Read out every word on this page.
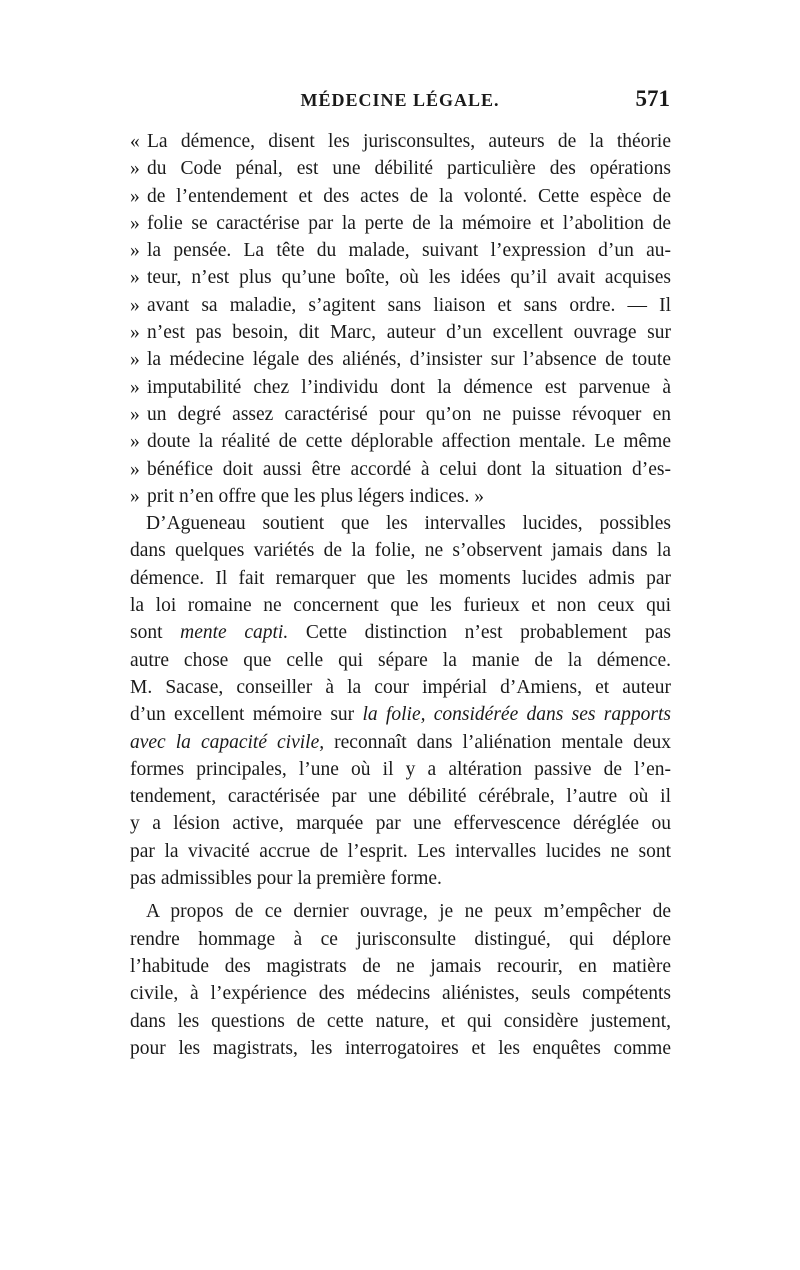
MÉDECINE LÉGALE.	571
« La démence, disent les jurisconsultes, auteurs de la théorie
» du Code pénal, est une débilité particulière des opérations
» de l’entendement et des actes de la volonté. Cette espèce de
» folie se caractérise par la perte de la mémoire et l’abolition de
» la pensée. La tête du malade, suivant l’expression d’un au-
» teur, n’est plus qu’une boîte, où les idées qu’il avait acquises
» avant sa maladie, s’agitent sans liaison et sans ordre. — Il
» n’est pas besoin, dit Marc, auteur d’un excellent ouvrage sur
» la médecine légale des aliénés, d’insister sur l’absence de toute
» imputabilité chez l’individu dont la démence est parvenue à
» un degré assez caractérisé pour qu’on ne puisse révoquer en
» doute la réalité de cette déplorable affection mentale. Le même
» bénéfice doit aussi être accordé à celui dont la situation d’es-
» prit n’en offre que les plus légers indices. »
D’Agueneau soutient que les intervalles lucides, possibles
dans quelques variétés de la folie, ne s’observent jamais dans la
démence. Il fait remarquer que les moments lucides admis par
la loi romaine ne concernent que les furieux et non ceux qui
sont mente capti. Cette distinction n’est probablement pas
autre chose que celle qui sépare la manie de la démence.
M. Sacase, conseiller à la cour impérial d’Amiens, et auteur
d’un excellent mémoire sur la folie, considérée dans ses rapports
avec la capacité civile, reconnaît dans l’aliénation mentale deux
formes principales, l’une où il y a altération passive de l’en-
tendement, caractérisée par une débilité cérébrale, l’autre où il
y a lésion active, marquée par une effervescence déréglée ou
par la vivacité accrue de l’esprit. Les intervalles lucides ne sont
pas admissibles pour la première forme.
A propos de ce dernier ouvrage, je ne peux m’empêcher de
rendre hommage à ce jurisconsulte distingué, qui déplore
l’habitude des magistrats de ne jamais recourir, en matière
civile, à l’expérience des médecins aliénistes, seuls compétents
dans les questions de cette nature, et qui considère justement,
pour les magistrats, les interrogatoires et les enquêtes comme
